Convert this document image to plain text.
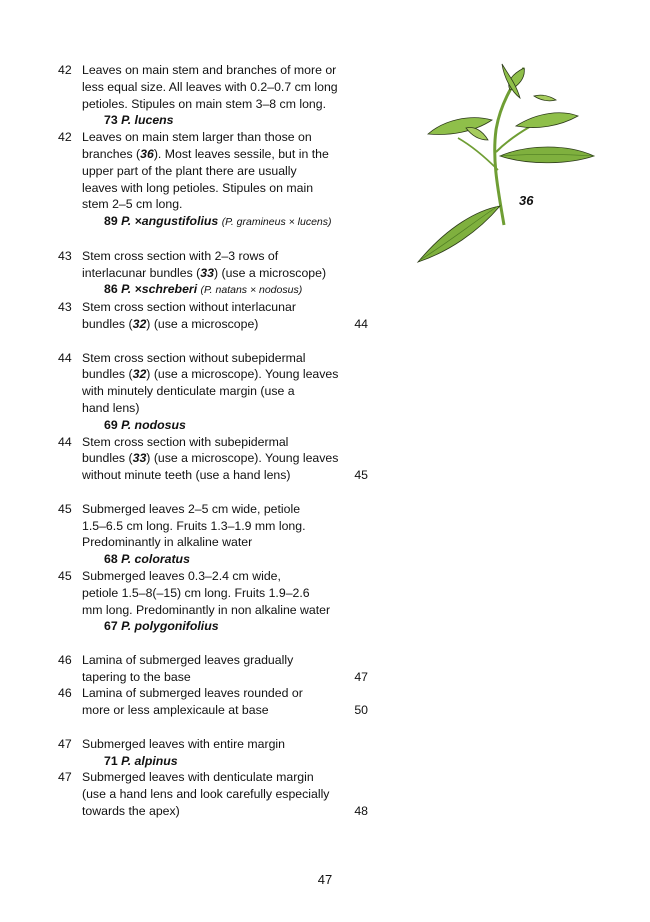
42 Leaves on main stem and branches of more or
less equal size. All leaves with 0.2–0.7 cm long
petioles. Stipules on main stem 3–8 cm long.
73 P. lucens
42 Leaves on main stem larger than those on
branches (36). Most leaves sessile, but in the
upper part of the plant there are usually
leaves with long petioles. Stipules on main
stem 2–5 cm long.
89 P. ×angustifolius (P. gramineus × lucens)
43 Stem cross section with 2–3 rows of
interlacunar bundles (33) (use a microscope)
86 P. ×schreberi (P. natans × nodosus)
43 Stem cross section without interlacunar
bundles (32) (use a microscope)	44
44 Stem cross section without subepidermal
bundles (32) (use a microscope). Young leaves
with minutely denticulate margin (use a
hand lens)
69 P. nodosus
44 Stem cross section with subepidermal
bundles (33) (use a microscope). Young leaves
without minute teeth (use a hand lens)	45
45 Submerged leaves 2–5 cm wide, petiole
1.5–6.5 cm long. Fruits 1.3–1.9 mm long.
Predominantly in alkaline water
68 P. coloratus
45 Submerged leaves 0.3–2.4 cm wide,
petiole 1.5–8(–15) cm long. Fruits 1.9–2.6
mm long. Predominantly in non alkaline water
67 P. polygonifolius
46 Lamina of submerged leaves gradually
tapering to the base	47
46 Lamina of submerged leaves rounded or
more or less amplexicaule at base	50
47 Submerged leaves with entire margin
71 P. alpinus
47 Submerged leaves with denticulate margin
(use a hand lens and look carefully especially
towards the apex)	48
36
47
